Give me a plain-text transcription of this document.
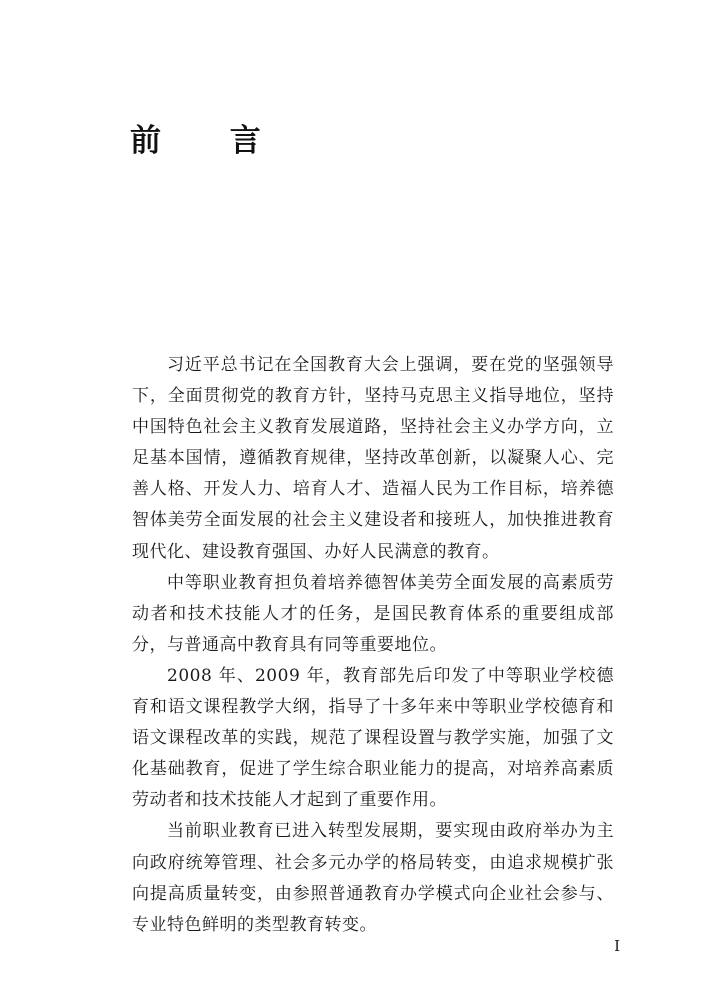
前 言

习近平总书记在全国教育大会上强调，要在党的坚强领导下，全面贯彻党的教育方针，坚持马克思主义指导地位，坚持中国特色社会主义教育发展道路，坚持社会主义办学方向，立足基本国情，遵循教育规律，坚持改革创新，以凝聚人心、完善人格、开发人力、培育人才、造福人民为工作目标，培养德智体美劳全面发展的社会主义建设者和接班人，加快推进教育现代化、建设教育强国、办好人民满意的教育。

中等职业教育担负着培养德智体美劳全面发展的高素质劳动者和技术技能人才的任务，是国民教育体系的重要组成部分，与普通高中教育具有同等重要地位。

2008 年、2009 年，教育部先后印发了中等职业学校德育和语文课程教学大纲，指导了十多年来中等职业学校德育和语文课程改革的实践，规范了课程设置与教学实施，加强了文化基础教育，促进了学生综合职业能力的提高，对培养高素质劳动者和技术技能人才起到了重要作用。

当前职业教育已进入转型发展期，要实现由政府举办为主向政府统筹管理、社会多元办学的格局转变，由追求规模扩张向提高质量转变，由参照普通教育办学模式向企业社会参与、专业特色鲜明的类型教育转变。

I
